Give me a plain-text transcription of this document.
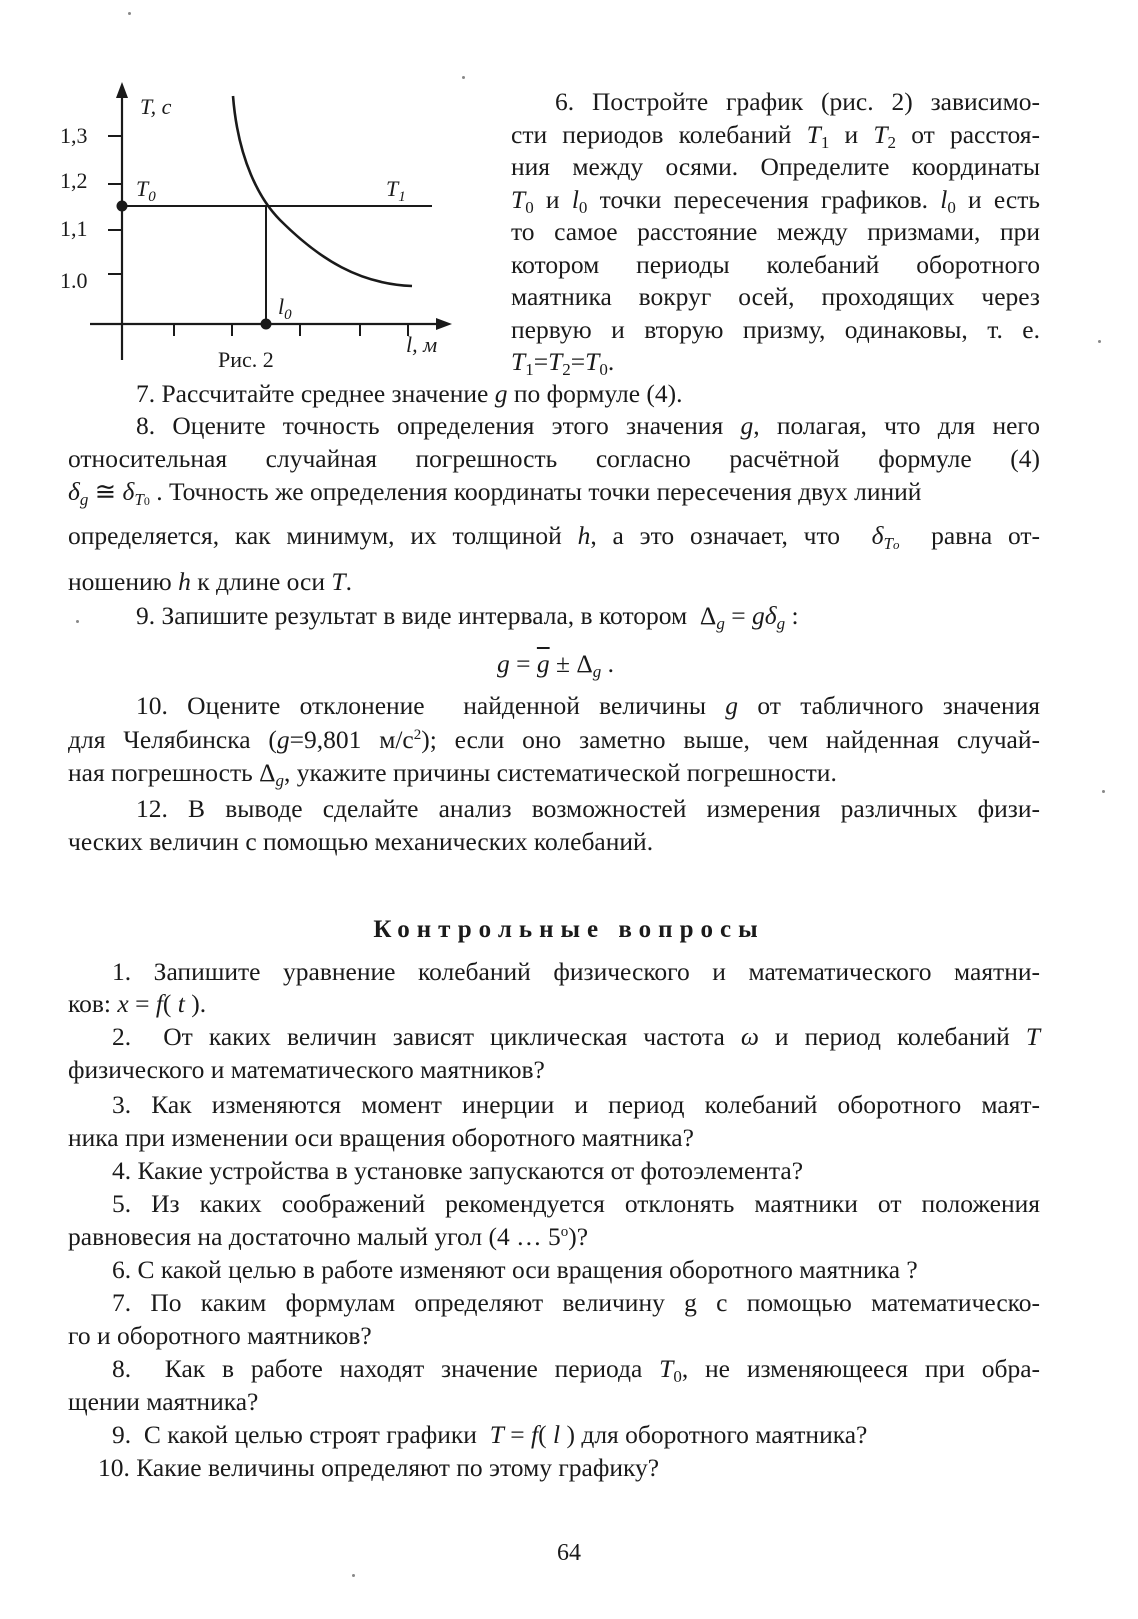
1,3
1,2
1,1
1.0
T, c
$T_0$	$T_1$
$l_0$
l, м
Рис. 2
6. Постройте график (рис. 2) зависимо-
сти периодов колебаний $T_1$ и $T_2$ от расстоя-
ния между осями. Определите координаты
$T_0$ и $l_0$ точки пересечения графиков. $l_0$ и есть
то самое расстояние между призмами, при
котором периоды колебаний оборотного
маятника вокруг осей, проходящих через
первую и вторую призму, одинаковы, т. е.
$T_1=T_2=T_0$.
7. Рассчитайте среднее значение g по формуле (4).
8. Оцените точность определения этого значения g, полагая, что для него
относительная случайная погрешность согласно расчётной формуле (4)
$\delta_g$ ≅ $\delta_{T0}$ . Точность же определения координаты точки пересечения двух линий
определяется, как минимум, их толщиной h, а это означает, что  $\delta_{To}$  равна от-
ношению h к длине оси T.
9. Запишите результат в виде интервала, в котором  $\Delta_g = g\delta_g$ :
$g = \overline{g} \pm \Delta_g$ .
10. Оцените отклонение  найденной величины g от табличного значения
для Челябинска (g=9,801 $м/с^2$); если оно заметно выше, чем найденная случай-
ная погрешность $\Delta_g$, укажите причины систематической погрешности.
12. В выводе сделайте анализ возможностей измерения различных физи-
ческих величин с помощью механических колебаний.
Контрольные вопросы
1. Запишите уравнение колебаний физического и математического маятни-
ков: x = f( t ).
2.  От каких величин зависят циклическая частота ω и период колебаний T
физического и математического маятников?
3. Как изменяются момент инерции и период колебаний оборотного маят-
ника при изменении оси вращения оборотного маятника?
4. Какие устройства в установке запускаются от фотоэлемента?
5. Из каких соображений рекомендуется отклонять маятники от положения
равновесия на достаточно малый угол (4 … $5^о$)?
6. С какой целью в работе изменяют оси вращения оборотного маятника ?
7. По каким формулам определяют величину g с помощью математическо-
го и оборотного маятников?
8.  Как в работе находят значение периода $T_0$, не изменяющееся при обра-
щении маятника?
9.  С какой целью строят графики  T = f( l ) для оборотного маятника?
10. Какие величины определяют по этому графику?
64
